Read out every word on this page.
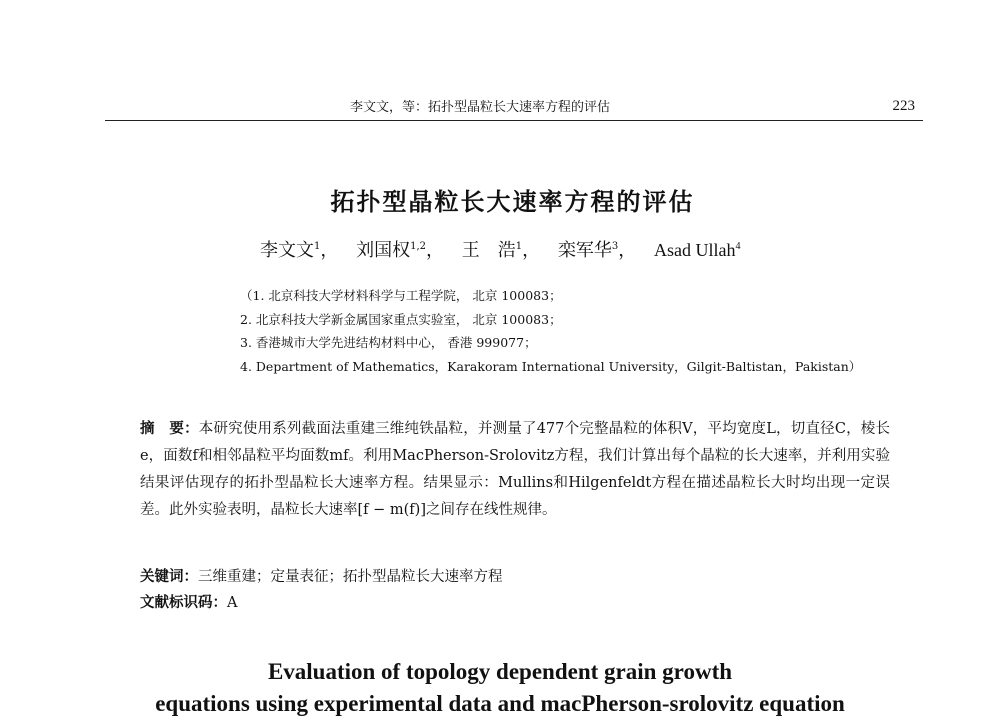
李文文，等：拓扑型晶粒长大速率方程的评估	223
拓扑型晶粒长大速率方程的评估
李文文$^1$， 刘国权$^{1,2}$， 王　浩$^1$， 栾军华$^3$， Asad Ullah$^4$
（1. 北京科技大学材料科学与工程学院， 北京 100083；
2. 北京科技大学新金属国家重点实验室， 北京 100083；
3. 香港城市大学先进结构材料中心， 香港 999077；
4. Department of Mathematics，Karakoram International University，Gilgit-Baltistan，Pakistan）
摘　要：本研究使用系列截面法重建三维纯铁晶粒，并测量了477个完整晶粒的体积V，平均宽度L，切直径C，棱长e，面数f和相邻晶粒平均面数mf。利用MacPherson-Srolovitz方程，我们计算出每个晶粒的长大速率，并利用实验结果评估现存的拓扑型晶粒长大速率方程。结果显示：Mullins和Hilgenfeldt方程在描述晶粒长大时均出现一定误差。此外实验表明，晶粒长大速率[f − m(f)]之间存在线性规律。
关键词：三维重建；定量表征；拓扑型晶粒长大速率方程
文献标识码：A
Evaluation of topology dependent grain growth
equations using experimental data and macPherson-srolovitz equation
